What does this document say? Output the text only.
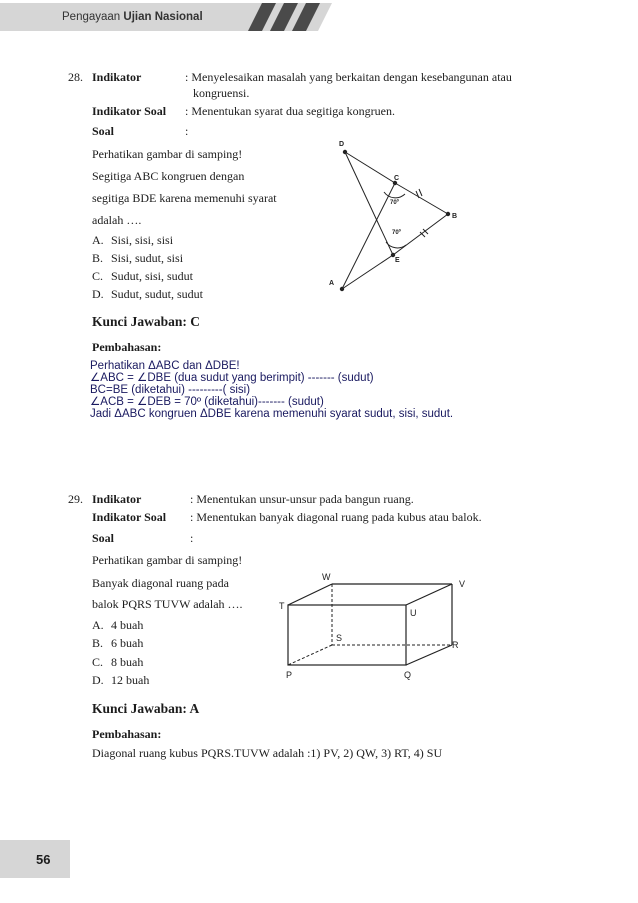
Pengayaan Ujian Nasional
28. Indikator	: Menyelesaikan masalah yang berkaitan dengan kesebangunan atau
kongruensi.
Indikator Soal : Menentukan syarat dua segitiga kongruen.
Soal	:
Perhatikan gambar di samping!
Segitiga ABC kongruen dengan
segitiga BDE karena memenuhi syarat
adalah ….
A. Sisi, sisi, sisi
B. Sisi, sudut, sisi
C. Sudut, sisi, sudut
D. Sudut, sudut, sudut
D
C
B
E
A
70º
70º
Kunci Jawaban: C
Pembahasan:
Perhatikan ΔABC dan ΔDBE!
∠ABC = ∠DBE (dua sudut yang berimpit) ------- (sudut)
BC=BE (diketahui) ---------( sisi)
∠ACB = ∠DEB = 70º (diketahui)------- (sudut)
Jadi ΔABC kongruen ΔDBE karena memenuhi syarat sudut, sisi, sudut.
29. Indikator	: Menentukan unsur-unsur pada bangun ruang.
Indikator Soal : Menentukan banyak diagonal ruang pada kubus atau balok.
Soal	:
Perhatikan gambar di samping!
Banyak diagonal ruang pada
balok PQRS TUVW adalah ….
A. 4 buah
B. 6 buah
C. 8 buah
D. 12 buah
W
V
T
U
S
R
P	Q
Kunci Jawaban: A
Pembahasan:
Diagonal ruang kubus PQRS.TUVW adalah :1) PV, 2) QW, 3) RT, 4) SU
56
